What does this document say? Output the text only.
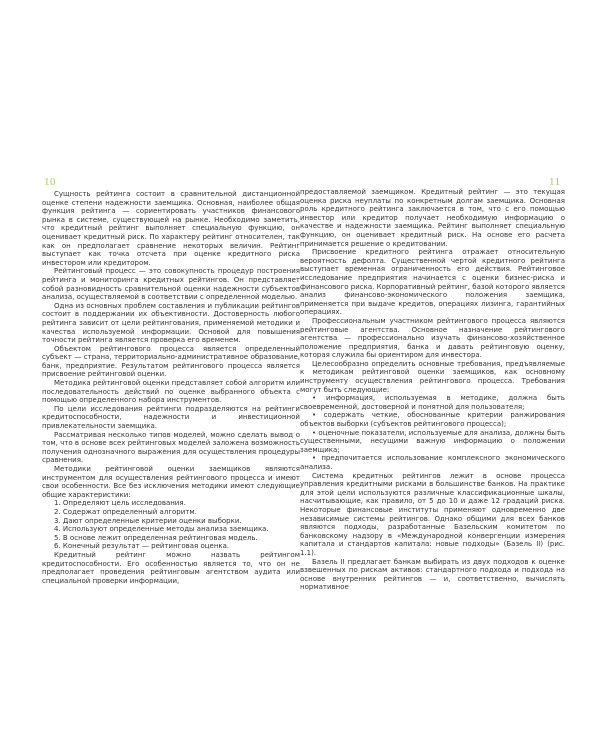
10	11

Сущность рейтинга состоит в сравнительной дистанционной оценке степени надежности заемщика. Основная, наиболее общая функция рейтинга — сориентировать участников финансового рынка в системе, существующей на рынке. Необходимо заметить, что кредитный рейтинг выполняет специальную функцию, он оценивает кредитный риск. По характеру рейтинг относителен, так как он предполагает сравнение некоторых величин. Рейтинг выступает как точка отсчета при оценке кредитного риска инвестором или кредитором.

Рейтинговый процесс — это совокупность процедур построения рейтинга и мониторинга кредитных рейтингов. Он представляет собой разновидность сравнительной оценки надежности субъектов анализа, осуществляемой в соответствии с определенной моделью.

Одна из основных проблем составления и публикации рейтингов состоит в поддержании их объективности. Достоверность любого рейтинга зависит от цели рейтингования, применяемой методики и качества используемой информации. Основой для повышения точности рейтинга является проверка его временем.

Объектом рейтингового процесса является определенный субъект — страна, территориально-административное образование, банк, предприятие. Результатом рейтингового процесса является присвоение рейтинговой оценки.

Методика рейтинговой оценки представляет собой алгоритм или последовательность действий по оценке выбранного объекта с помощью определенного набора инструментов.

По цели исследования рейтинги подразделяются на рейтинги кредитоспособности, надежности и инвестиционной привлекательности заемщика.

Рассматривая несколько типов моделей, можно сделать вывод о том, что в основе всех рейтинговых моделей заложена возможность получения однозначного выражения для осуществления процедуры сравнения.

Методики рейтинговой оценки заемщиков являются инструментом для осуществления рейтингового процесса и имеют свои особенности. Все без исключения методики имеют следующие общие характеристики:

1. Определяют цель исследования.

2. Содержат определенный алгоритм.

3. Дают определенные критерии оценки выборки.

4. Используют определенные методы анализа заемщика.

5. В основе лежит определенная рейтинговая модель.

6. Конечный результат — рейтинговая оценка.

Кредитный рейтинг можно назвать рейтингом кредитоспособности. Его особенностью является то, что он не предполагает проведения рейтинговым агентством аудита или специальной проверки информации,

предоставляемой заемщиком. Кредитный рейтинг — это текущая оценка риска неуплаты по конкретным долгам заемщика. Основная роль кредитного рейтинга заключается в том, что с его помощью инвестор или кредитор получает необходимую информацию о качестве и надежности заемщика. Рейтинг выполняет специальную функцию, он оценивает кредитный риск. На основе его расчета принимается решение о кредитовании.

Присвоение кредитного рейтинга отражает относительную вероятность дефолта. Существенной чертой кредитного рейтинга выступает временная ограниченность его действия. Рейтинговое исследование предприятия начинается с оценки бизнес-риска и финансового риска. Корпоративный рейтинг, базой которого является анализ финансово-экономического положения заемщика, применяется при выдаче кредитов, операциях лизинга, гарантийных операциях.

Профессиональным участником рейтингового процесса являются рейтинговые агентства. Основное назначение рейтингового агентства — профессионально изучать финансово-хозяйственное положение предприятия, банка и давать рейтинговую оценку, которая служила бы ориентиром для инвестора.

Целесообразно определить основные требования, предъявляемые к методикам рейтинговой оценки заемщиков, как основному инструменту осуществления рейтингового процесса. Требования могут быть следующие:

• информация, используемая в методике, должна быть своевременной, достоверной и понятной для пользователя;

• содержать четкие, обоснованные критерии ранжирования объектов выборки (субъектов рейтингового процесса);

• оценочные показатели, используемые для анализа, должны быть существенными, несущими важную информацию о положении заемщика;

• предпочитается использование комплексного экономического анализа.

Система кредитных рейтингов лежит в основе процесса управления кредитными рисками в большинстве банков. На практике для этой цели используются различные классификационные шкалы, насчитывающие, как правило, от 5 до 10 и даже 12 градаций риска. Некоторые финансовые институты применяют одновременно две независимые системы рейтингов. Однако общими для всех банков являются подходы, разработанные Базельским комитетом по банковскому надзору в «Международной конвергенции измерения капитала и стандартов капитала: новые подходы» (Базель II) (рис. 1.1).

Базель II предлагает банкам выбирать из двух подходов к оценке взвешенных по рискам активов: стандартного подхода и подхода на основе внутренних рейтингов — и, соответственно, вычислять нормативное
